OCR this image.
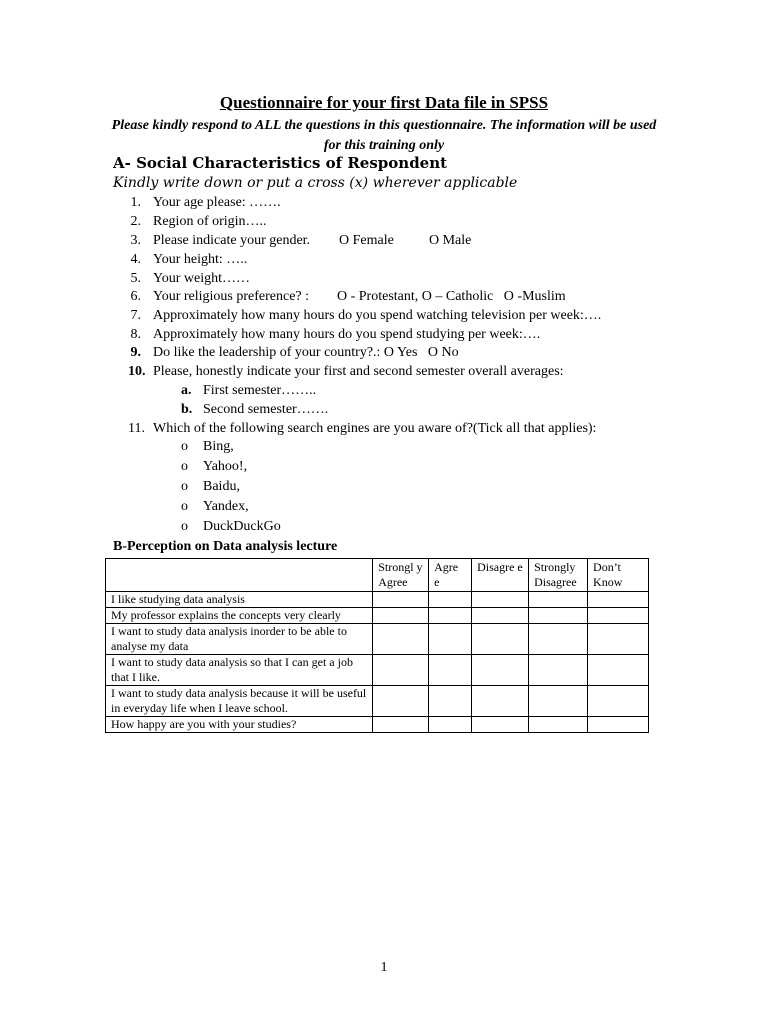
Questionnaire for your first Data file in SPSS
Please kindly respond to ALL the questions in this questionnaire. The information will be used for this training only
A- Social Characteristics of Respondent
Kindly write down or put a cross (x) wherever applicable
1. Your age please: …….
2. Region of origin…..
3. Please indicate your gender. O Female	O Male
4. Your height: …..
5. Your weight……
6. Your religious preference? : O - Protestant, O – Catholic   O -Muslim
7. Approximately how many hours do you spend watching television per week:….
8. Approximately how many hours do you spend studying per week:….
9. Do like the leadership of your country?.: O Yes   O No
10. Please, honestly indicate your first and second semester overall averages:
a. First semester……..
b. Second semester…….
11. Which of the following search engines are you aware of?(Tick all that applies):
o Bing,
o Yahoo!,
o Baidu,
o Yandex,
o DuckDuckGo
B-Perception on Data analysis lecture
	Strongl y Agree	Agre e	Disagre e	Strongly Disagree	Don’t Know
I like studying data analysis					
My professor explains the concepts very clearly					
I want to study data analysis inorder to be able to analyse my data					
I want to study data analysis so that I can get a job that I like.					
I want to study data analysis because it will be useful in everyday life when I leave school.					
How happy are you with your studies?					
1
